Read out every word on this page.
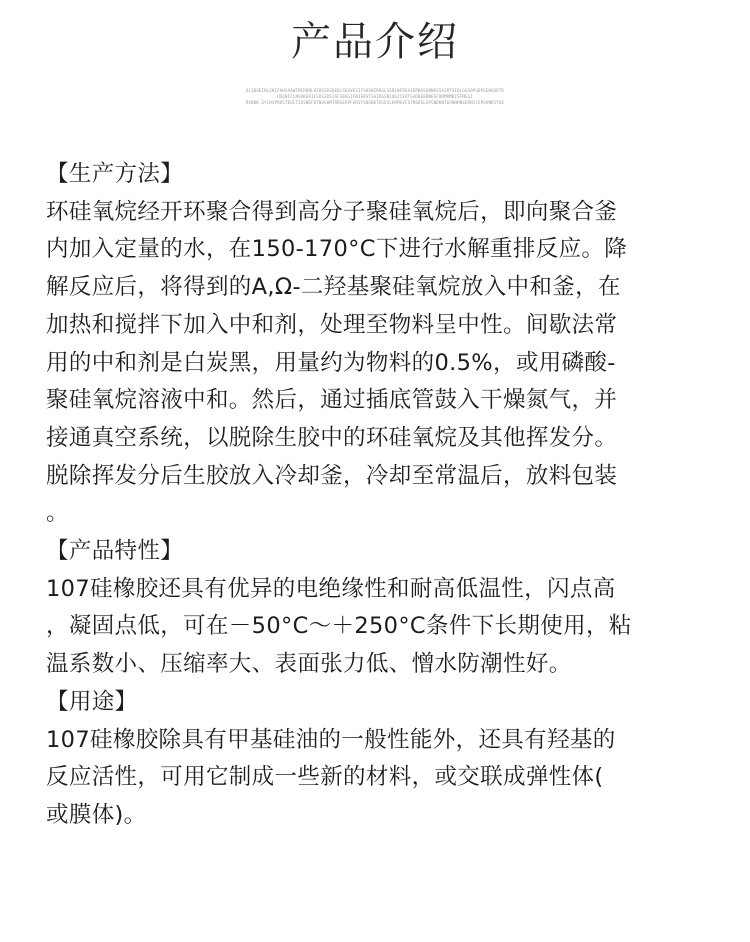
产品介绍
OLIBOEIRLSKIFAHSAAWTMIRRNLHIDSSRSKEDLSDGVESIFSKGNIRRSLGERLNFPEAIRPBASUNNESSAIRTSIDLGGSDPSDPGENSDDTD
USGNIFLNSRKGPIFSOSSDSJSFAEKGIFNIERSTSAIRGSNIOGJIEUTSADREBRNESFORMRMBISFNESI
RVNDK.SYCHSPROSTEULTIOSNRFDTNUGHMTRRGERPFGRSYSOGNETEGESLKRMGVCSTNSDSLSPGNDKNTGUNHHNSERNJJSPOVNRSTOE

【生产方法】

环硅氧烷经开环聚合得到高分子聚硅氧烷后，即向聚合釜

内加入定量的水，在150-170°C下进行水解重排反应。降

解反应后，将得到的A,Ω-二羟基聚硅氧烷放入中和釜，在

加热和搅拌下加入中和剂，处理至物料呈中性。间歇法常

用的中和剂是白炭黑，用量约为物料的0.5%，或用磷酸-

聚硅氧烷溶液中和。然后，通过插底管鼓入干燥氮气，并

接通真空系统，以脱除生胶中的环硅氧烷及其他挥发分。

脱除挥发分后生胶放入冷却釜，冷却至常温后，放料包装

。

【产品特性】

107硅橡胶还具有优异的电绝缘性和耐高低温性，闪点高

，凝固点低，可在－50°C～＋250°C条件下长期使用，粘

温系数小、压缩率大、表面张力低、憎水防潮性好。

【用途】

107硅橡胶除具有甲基硅油的一般性能外，还具有羟基的

反应活性，可用它制成一些新的材料，或交联成弹性体(

或膜体)。
